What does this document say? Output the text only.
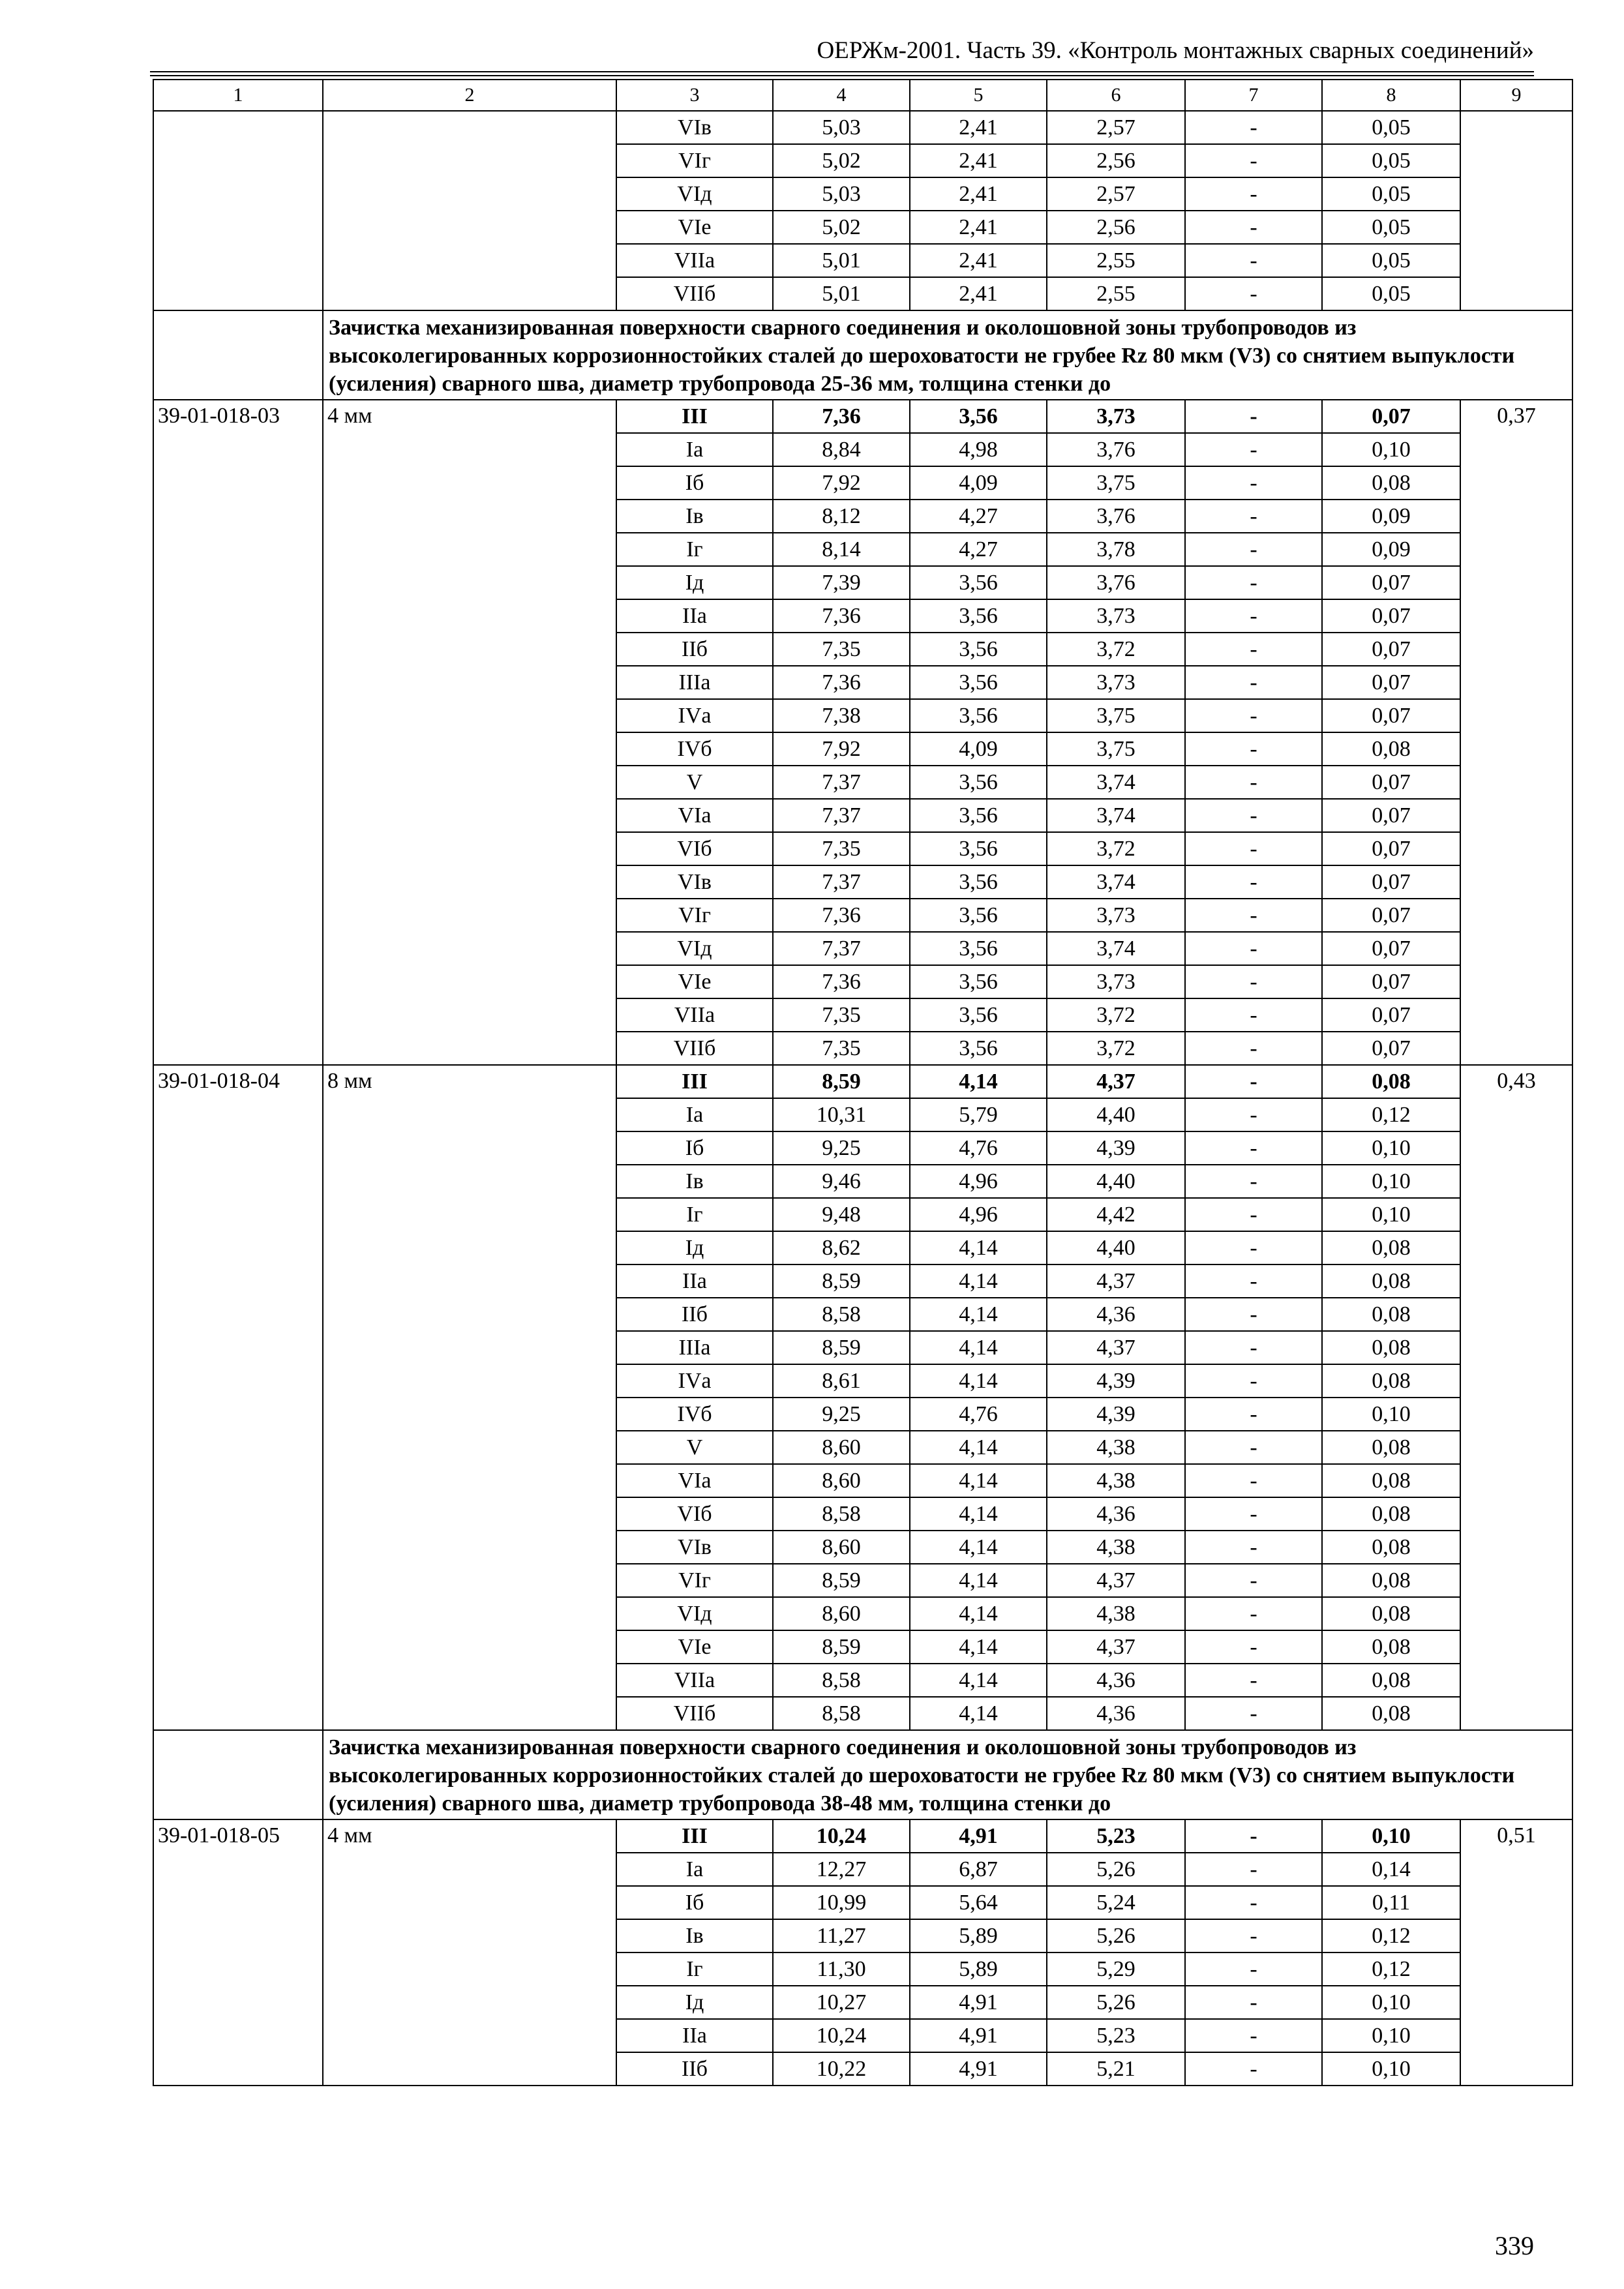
ОЕРЖм-2001. Часть 39. «Контроль монтажных сварных соединений»
1	2	3	4	5	6	7	8	9
		VIв	5,03	2,41	2,57	-	0,05	
		VIг	5,02	2,41	2,56	-	0,05	
		VIд	5,03	2,41	2,57	-	0,05	
		VIе	5,02	2,41	2,56	-	0,05	
		VIIа	5,01	2,41	2,55	-	0,05	
		VIIб	5,01	2,41	2,55	-	0,05	
	Зачистка механизированная поверхности сварного соединения и околошовной зоны трубопроводов из высоколегированных коррозионностойких сталей до шероховатости не грубее Rz 80 мкм (V3) со снятием выпуклости (усиления) сварного шва, диаметр трубопровода 25-36 мм, толщина стенки до							
39-01-018-03	4 мм	III	7,36	3,56	3,73	-	0,07	0,37
		Iа	8,84	4,98	3,76	-	0,10	
		Iб	7,92	4,09	3,75	-	0,08	
		Iв	8,12	4,27	3,76	-	0,09	
		Iг	8,14	4,27	3,78	-	0,09	
		Iд	7,39	3,56	3,76	-	0,07	
		IIа	7,36	3,56	3,73	-	0,07	
		IIб	7,35	3,56	3,72	-	0,07	
		IIIа	7,36	3,56	3,73	-	0,07	
		IVа	7,38	3,56	3,75	-	0,07	
		IVб	7,92	4,09	3,75	-	0,08	
		V	7,37	3,56	3,74	-	0,07	
		VIа	7,37	3,56	3,74	-	0,07	
		VIб	7,35	3,56	3,72	-	0,07	
		VIв	7,37	3,56	3,74	-	0,07	
		VIг	7,36	3,56	3,73	-	0,07	
		VIд	7,37	3,56	3,74	-	0,07	
		VIе	7,36	3,56	3,73	-	0,07	
		VIIа	7,35	3,56	3,72	-	0,07	
		VIIб	7,35	3,56	3,72	-	0,07	
39-01-018-04	8 мм	III	8,59	4,14	4,37	-	0,08	0,43
		Iа	10,31	5,79	4,40	-	0,12	
		Iб	9,25	4,76	4,39	-	0,10	
		Iв	9,46	4,96	4,40	-	0,10	
		Iг	9,48	4,96	4,42	-	0,10	
		Iд	8,62	4,14	4,40	-	0,08	
		IIа	8,59	4,14	4,37	-	0,08	
		IIб	8,58	4,14	4,36	-	0,08	
		IIIа	8,59	4,14	4,37	-	0,08	
		IVа	8,61	4,14	4,39	-	0,08	
		IVб	9,25	4,76	4,39	-	0,10	
		V	8,60	4,14	4,38	-	0,08	
		VIа	8,60	4,14	4,38	-	0,08	
		VIб	8,58	4,14	4,36	-	0,08	
		VIв	8,60	4,14	4,38	-	0,08	
		VIг	8,59	4,14	4,37	-	0,08	
		VIд	8,60	4,14	4,38	-	0,08	
		VIе	8,59	4,14	4,37	-	0,08	
		VIIа	8,58	4,14	4,36	-	0,08	
		VIIб	8,58	4,14	4,36	-	0,08	
	Зачистка механизированная поверхности сварного соединения и околошовной зоны трубопроводов из высоколегированных коррозионностойких сталей до шероховатости не грубее Rz 80 мкм (V3) со снятием выпуклости (усиления) сварного шва, диаметр трубопровода 38-48 мм, толщина стенки до							
39-01-018-05	4 мм	III	10,24	4,91	5,23	-	0,10	0,51
		Iа	12,27	6,87	5,26	-	0,14	
		Iб	10,99	5,64	5,24	-	0,11	
		Iв	11,27	5,89	5,26	-	0,12	
		Iг	11,30	5,89	5,29	-	0,12	
		Iд	10,27	4,91	5,26	-	0,10	
		IIа	10,24	4,91	5,23	-	0,10	
		IIб	10,22	4,91	5,21	-	0,10	
339
